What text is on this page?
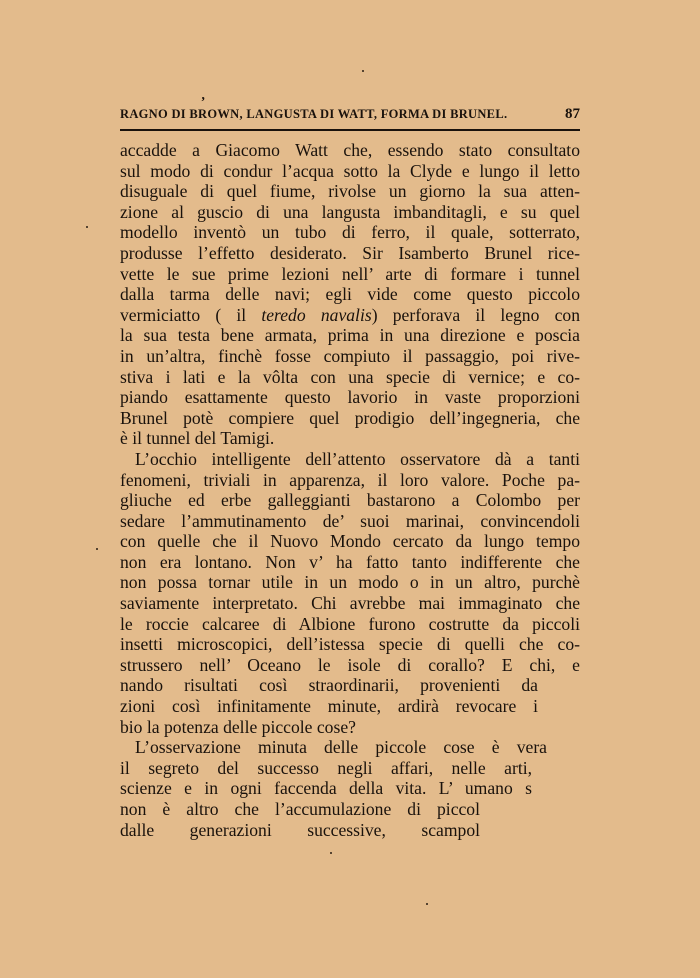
,
RAGNO DI BROWN, LANGUSTA DI WATT, FORMA DI BRUNEL.	87
accadde a Giacomo Watt che, essendo stato consultato
sul modo di condur l’acqua sotto la Clyde e lungo il letto
disuguale di quel fiume, rivolse un giorno la sua atten-
zione al guscio di una langusta imbanditagli, e su quel
modello inventò un tubo di ferro, il quale, sotterrato,
produsse l’effetto desiderato. Sir Isamberto Brunel rice-
vette le sue prime lezioni nell’ arte di formare i tunnel
dalla tarma delle navi; egli vide come questo piccolo
vermiciatto ( il teredo navalis) perforava il legno con
la sua testa bene armata, prima in una direzione e poscia
in un’altra, finchè fosse compiuto il passaggio, poi rive-
stiva i lati e la vôlta con una specie di vernice; e co-
piando esattamente questo lavorio in vaste proporzioni
Brunel potè compiere quel prodigio dell’ingegneria, che
è il tunnel del Tamigi.
L’occhio intelligente dell’attento osservatore dà a tanti
fenomeni, triviali in apparenza, il loro valore. Poche pa-
gliuche ed erbe galleggianti bastarono a Colombo per
sedare l’ammutinamento de’ suoi marinai, convincendoli
con quelle che il Nuovo Mondo cercato da lungo tempo
non era lontano. Non v’ ha fatto tanto indifferente che
non possa tornar utile in un modo o in un altro, purchè
saviamente interpretato. Chi avrebbe mai immaginato che
le roccie calcaree di Albione furono costrutte da piccoli
insetti microscopici, dell’istessa specie di quelli che co-
strussero nell’ Oceano le isole di corallo? E chi, e
nando risultati così straordinarii, provenienti da
zioni così infinitamente minute, ardirà revocare i
bio la potenza delle piccole cose?
L’osservazione minuta delle piccole cose è vera
il segreto del successo negli affari, nelle arti,
scienze e in ogni faccenda della vita. L’ umano s
non è altro che l’accumulazione di piccol
dalle generazioni successive, scampol
